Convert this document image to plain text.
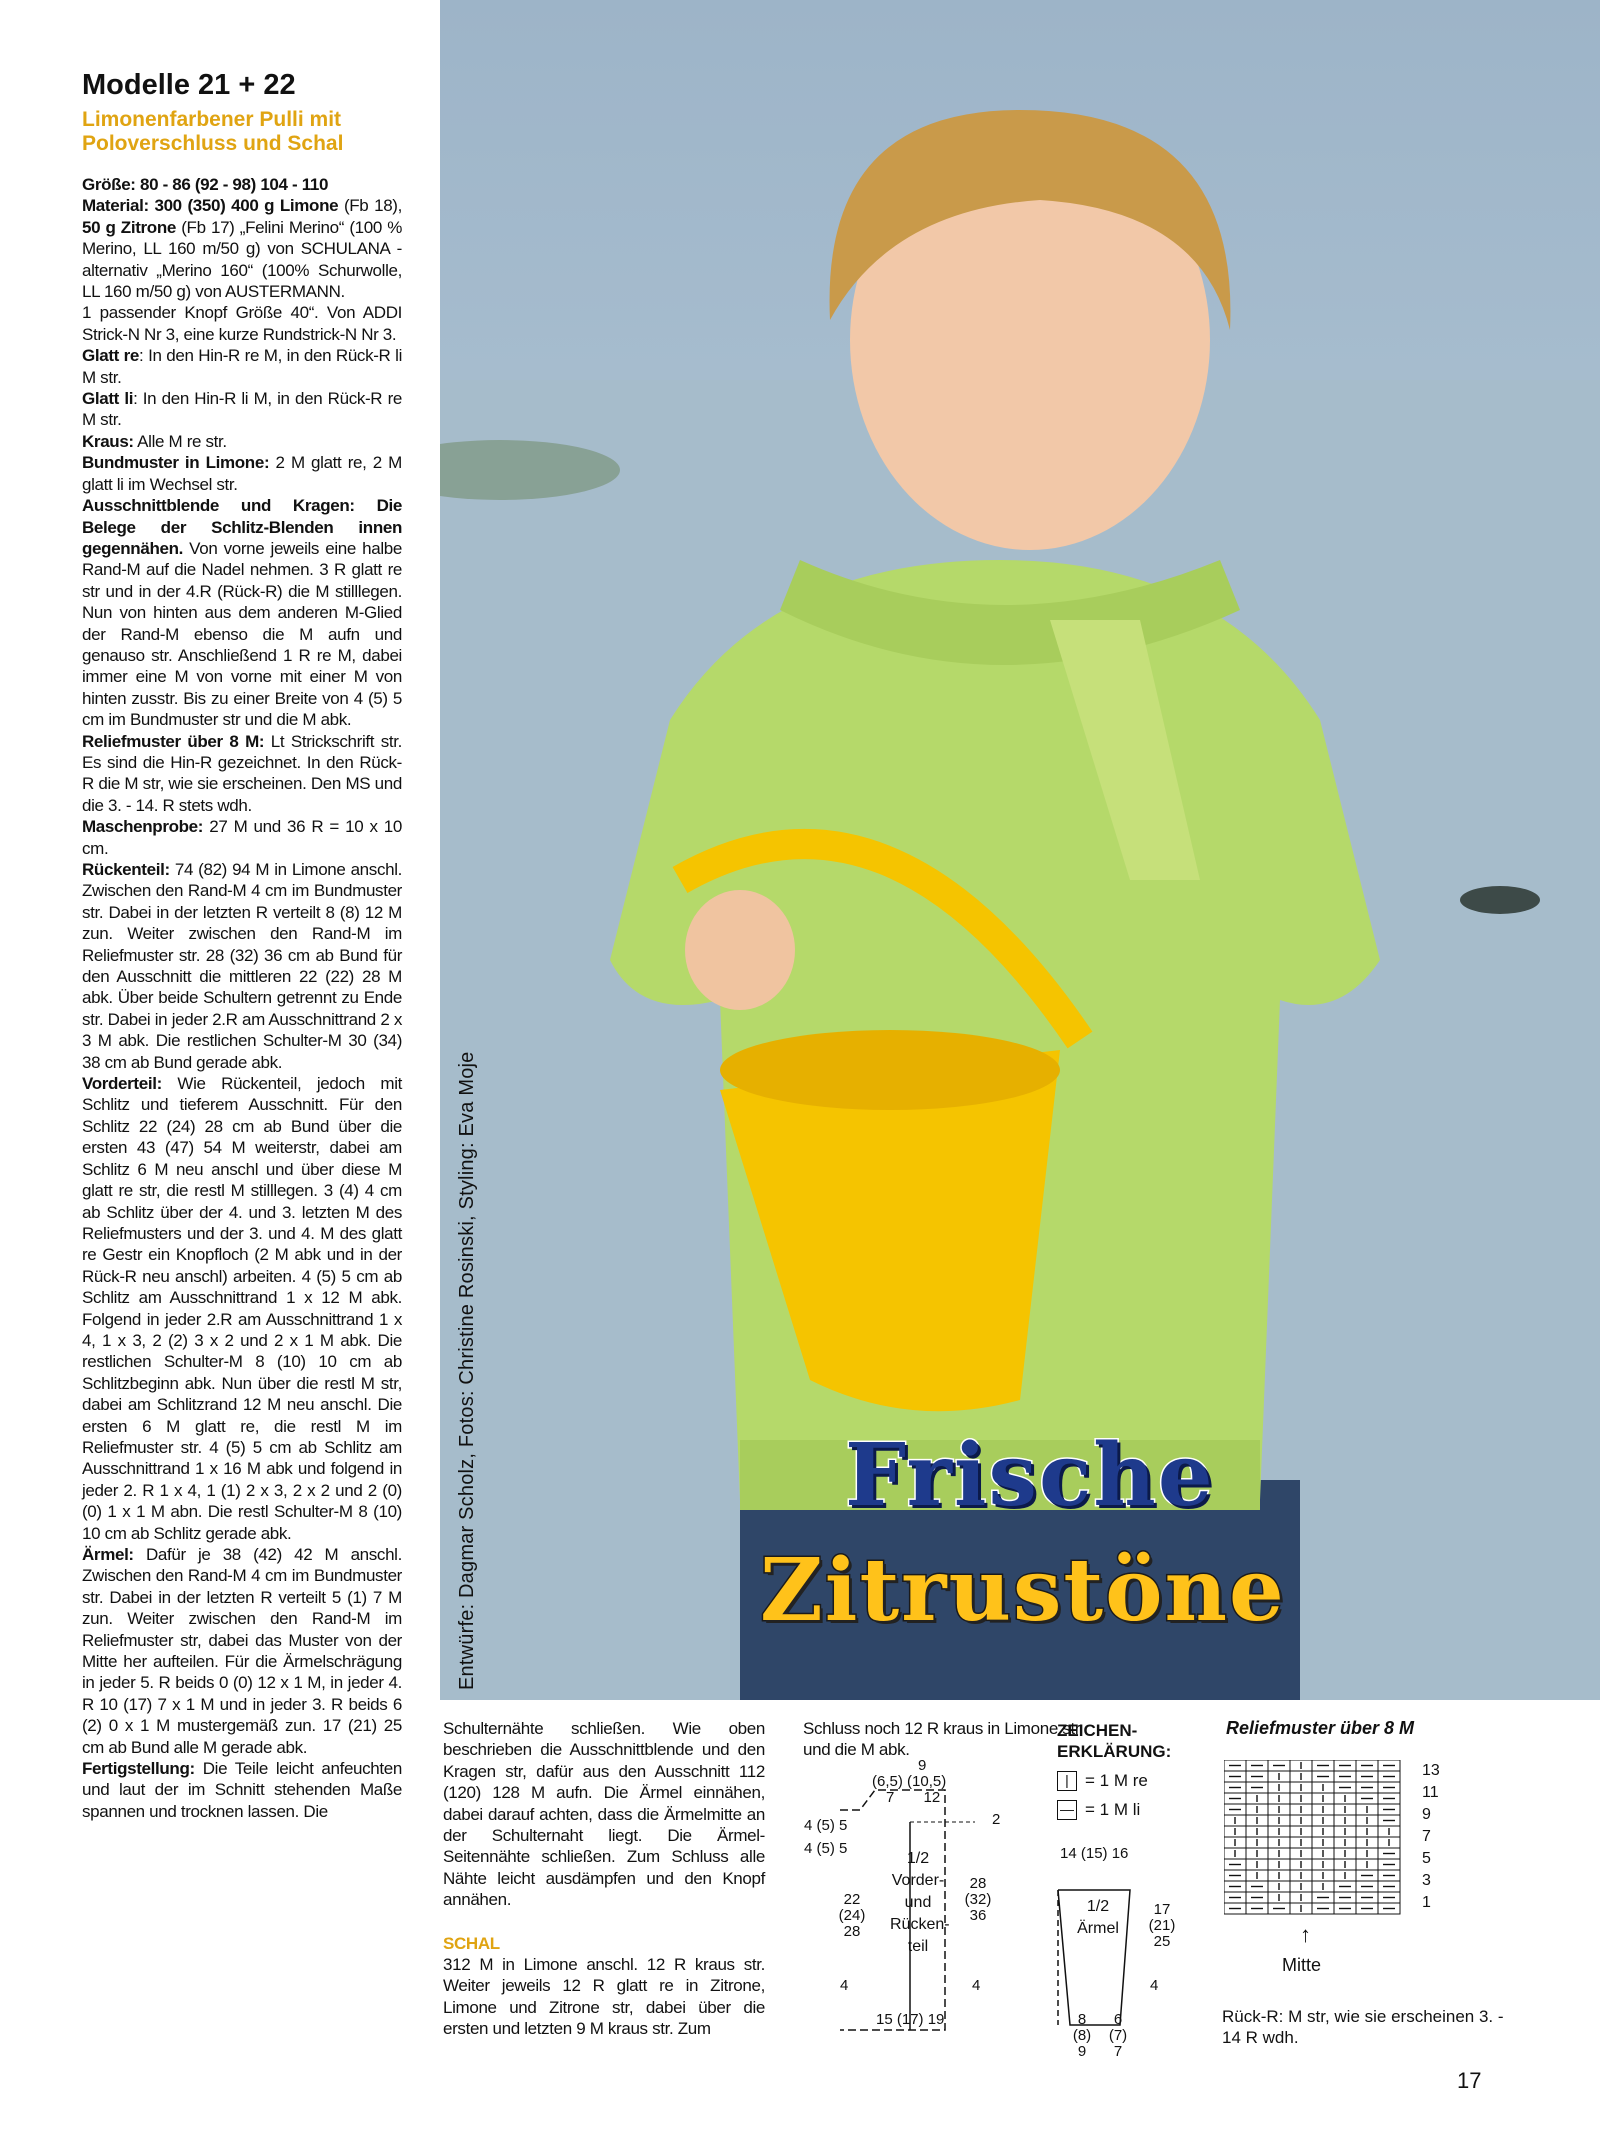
Modelle 21 + 22
Limonenfarbener Pulli mit Poloverschluss und Schal

Größe: 80 - 86 (92 - 98) 104 - 110

Material: 300 (350) 400 g Limone (Fb 18), 50 g Zitrone (Fb 17) „Felini Merino“ (100 % Merino, LL 160 m/50 g) von SCHULANA - alternativ „Merino 160“ (100% Schurwolle, LL 160 m/50 g) von AUSTERMANN.

1 passender Knopf Größe 40“. Von ADDI Strick-N Nr 3, eine kurze Rundstrick-N Nr 3.

Glatt re: In den Hin-R re M, in den Rück-R li M str.

Glatt li: In den Hin-R li M, in den Rück-R re M str.

Kraus: Alle M re str.

Bundmuster in Limone: 2 M glatt re, 2 M glatt li im Wechsel str.

Ausschnittblende und Kragen: Die Belege der Schlitz-Blenden innen gegennähen. Von vorne jeweils eine halbe Rand-M auf die Nadel nehmen. 3 R glatt re str und in der 4.R (Rück-R) die M stilllegen. Nun von hinten aus dem anderen M-Glied der Rand-M ebenso die M aufn und genauso str. Anschließend 1 R re M, dabei immer eine M von vorne mit einer M von hinten zusstr. Bis zu einer Breite von 4 (5) 5 cm im Bundmuster str und die M abk.

Reliefmuster über 8 M: Lt Strickschrift str. Es sind die Hin-R gezeichnet. In den Rück-R die M str, wie sie erscheinen. Den MS und die 3. - 14. R stets wdh.

Maschenprobe: 27 M und 36 R = 10 x 10 cm.

Rückenteil: 74 (82) 94 M in Limone anschl. Zwischen den Rand-M 4 cm im Bundmuster str. Dabei in der letzten R verteilt 8 (8) 12 M zun. Weiter zwischen den Rand-M im Reliefmuster str. 28 (32) 36 cm ab Bund für den Ausschnitt die mittleren 22 (22) 28 M abk. Über beide Schultern getrennt zu Ende str. Dabei in jeder 2.R am Ausschnittrand 2 x 3 M abk. Die restlichen Schulter-M 30 (34) 38 cm ab Bund gerade abk.

Vorderteil: Wie Rückenteil, jedoch mit Schlitz und tieferem Ausschnitt. Für den Schlitz 22 (24) 28 cm ab Bund über die ersten 43 (47) 54 M weiterstr, dabei am Schlitz 6 M neu anschl und über diese M glatt re str, die restl M stilllegen. 3 (4) 4 cm ab Schlitz über der 4. und 3. letzten M des Reliefmusters und der 3. und 4. M des glatt re Gestr ein Knopfloch (2 M abk und in der Rück-R neu anschl) arbeiten. 4 (5) 5 cm ab Schlitz am Ausschnittrand 1 x 12 M abk. Folgend in jeder 2.R am Ausschnittrand 1 x 4, 1 x 3, 2 (2) 3 x 2 und 2 x 1 M abk. Die restlichen Schulter-M 8 (10) 10 cm ab Schlitzbeginn abk. Nun über die restl M str, dabei am Schlitzrand 12 M neu anschl. Die ersten 6 M glatt re, die restl M im Reliefmuster str. 4 (5) 5 cm ab Schlitz am Ausschnittrand 1 x 16 M abk und folgend in jeder 2. R 1 x 4, 1 (1) 2 x 3, 2 x 2 und 2 (0) (0) 1 x 1 M abn. Die restl Schulter-M 8 (10) 10 cm ab Schlitz gerade abk.

Ärmel: Dafür je 38 (42) 42 M anschl. Zwischen den Rand-M 4 cm im Bundmuster str. Dabei in der letzten R verteilt 5 (1) 7 M zun. Weiter zwischen den Rand-M im Reliefmuster str, dabei das Muster von der Mitte her aufteilen. Für die Ärmelschrägung in jeder 5. R beids 0 (0) 12 x 1 M, in jeder 4. R 10 (17) 7 x 1 M und in jeder 3. R beids 6 (2) 0 x 1 M mustergemäß zun. 17 (21) 25 cm ab Bund alle M gerade abk.

Fertigstellung: Die Teile leicht anfeuchten und laut der im Schnitt stehenden Maße spannen und trocknen lassen. Die

Entwürfe: Dagmar Scholz, Fotos: Christine Rosinski, Styling: Eva Moje	Frische
Zitrustöne
Schulternähte schließen. Wie oben beschrieben die Ausschnittblende und den Kragen str, dafür aus den Ausschnitt 112 (120) 128 M aufn. Die Ärmel einnähen, dabei darauf achten, dass die Ärmelmitte an der Schulternaht liegt. Die Ärmel-Seitennähte schließen. Zum Schluss alle Nähte leicht ausdämpfen und den Knopf annähen.
SCHAL
312 M in Limone anschl. 12 R kraus str. Weiter jeweils 12 R glatt re in Zitrone, Limone und Zitrone str, dabei über die ersten und letzten 9 M kraus str. Zum
Schluss noch 12 R kraus in Limone str und die M abk.
9
(6,5) (10,5)
7       12
4 (5) 5
4 (5) 5
2
1/2
Vorder-
und
Rücken-
teil
22
(24)
28
28
(32)
36
4	4
15 (17) 19
14 (15) 16
1/2
Ärmel
17
(21)
25
4
8
(8)
9
6
(7)
7
ZEICHEN-
ERKLÄRUNG:
| = 1 M re
— = 1 M li
Reliefmuster über 8 M
13
11
9
7
5
3
1
↑
Mitte
Rück-R: M str, wie sie erscheinen 3. - 14 R wdh.
17
